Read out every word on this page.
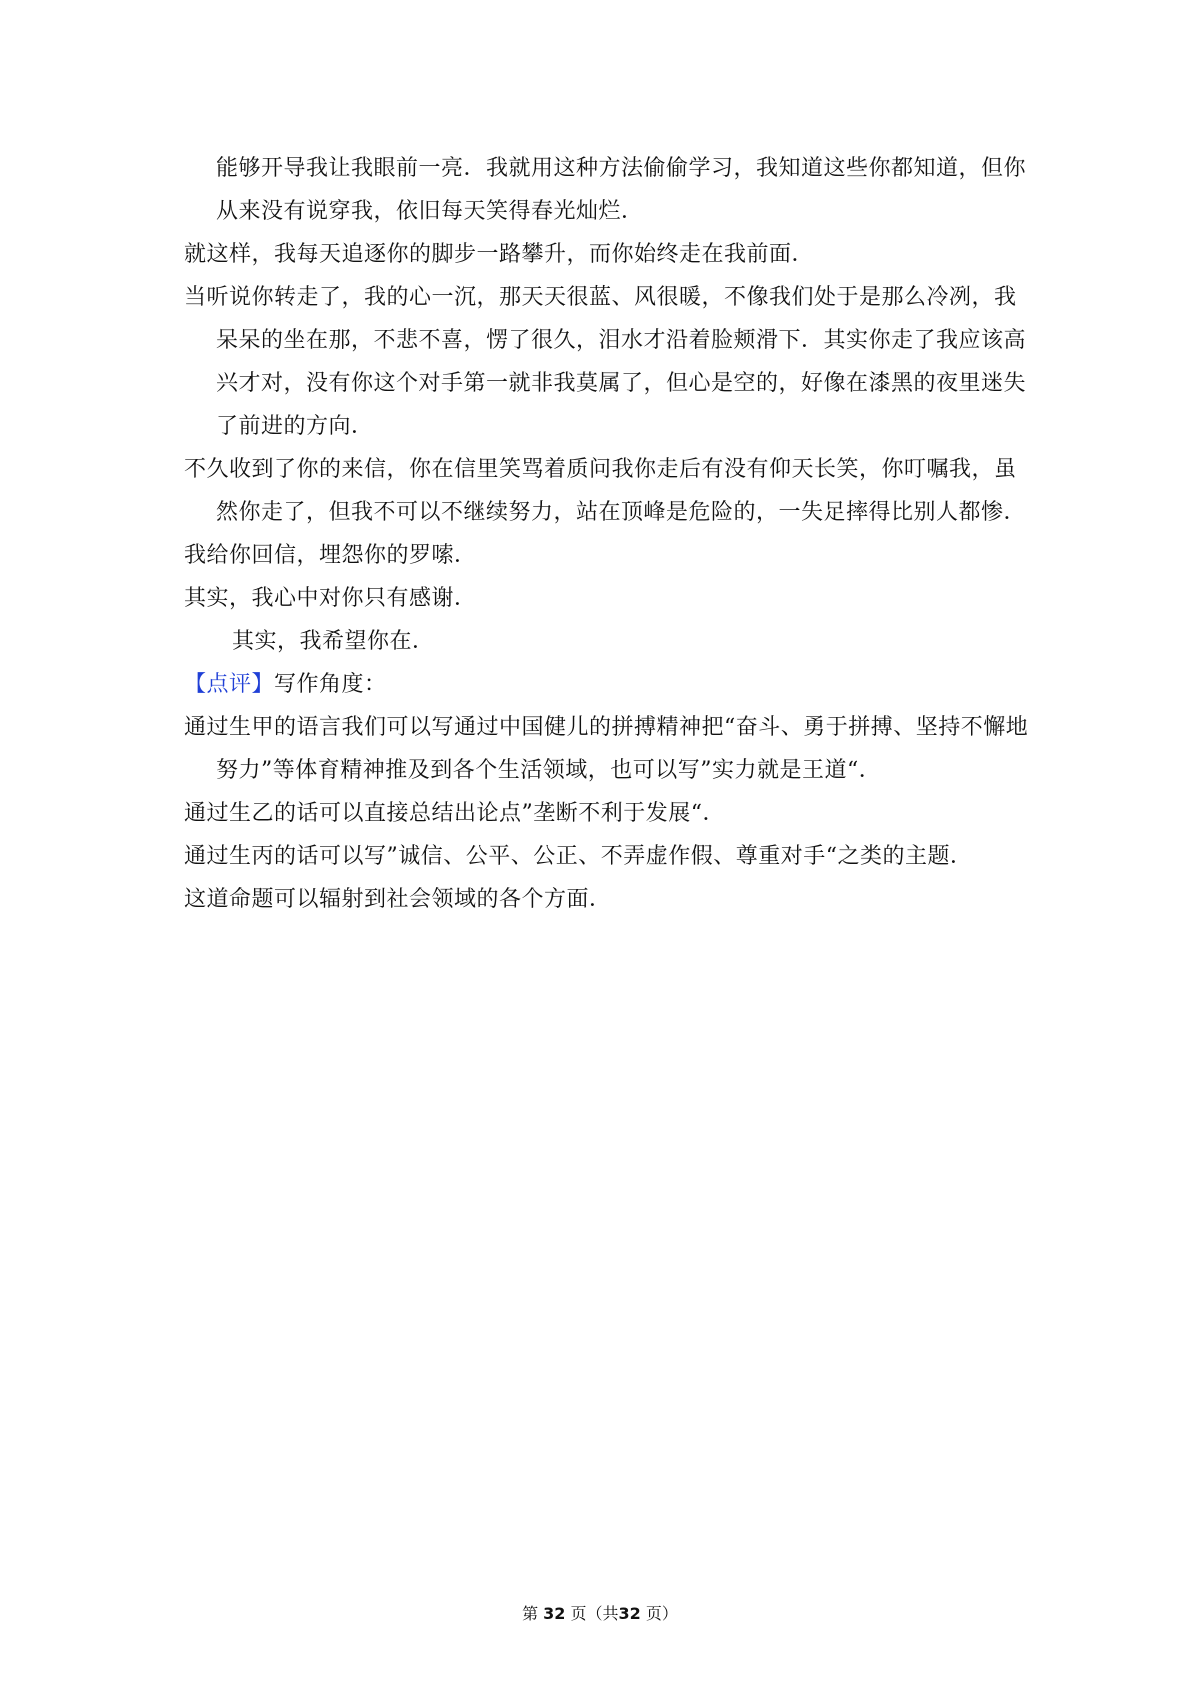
能够开导我让我眼前一亮．我就用这种方法偷偷学习，我知道这些你都知道，但你从来没有说穿我，依旧每天笑得春光灿烂．

就这样，我每天追逐你的脚步一路攀升，而你始终走在我前面．

当听说你转走了，我的心一沉，那天天很蓝、风很暖，不像我们处于是那么冷冽，我呆呆的坐在那，不悲不喜，愣了很久，泪水才沿着脸颊滑下．其实你走了我应该高兴才对，没有你这个对手第一就非我莫属了，但心是空的，好像在漆黑的夜里迷失了前进的方向．

不久收到了你的来信，你在信里笑骂着质问我你走后有没有仰天长笑，你叮嘱我，虽然你走了，但我不可以不继续努力，站在顶峰是危险的，一失足摔得比别人都惨．

我给你回信，埋怨你的罗嗦．

其实，我心中对你只有感谢．

其实，我希望你在．

【点评】写作角度：

通过生甲的语言我们可以写通过中国健儿的拼搏精神把“奋斗、勇于拼搏、坚持不懈地努力”等体育精神推及到各个生活领域，也可以写”实力就是王道“．

通过生乙的话可以直接总结出论点”垄断不利于发展“．

通过生丙的话可以写”诚信、公平、公正、不弄虚作假、尊重对手“之类的主题．

这道命题可以辐射到社会领域的各个方面．

第 32 页（共32 页）
